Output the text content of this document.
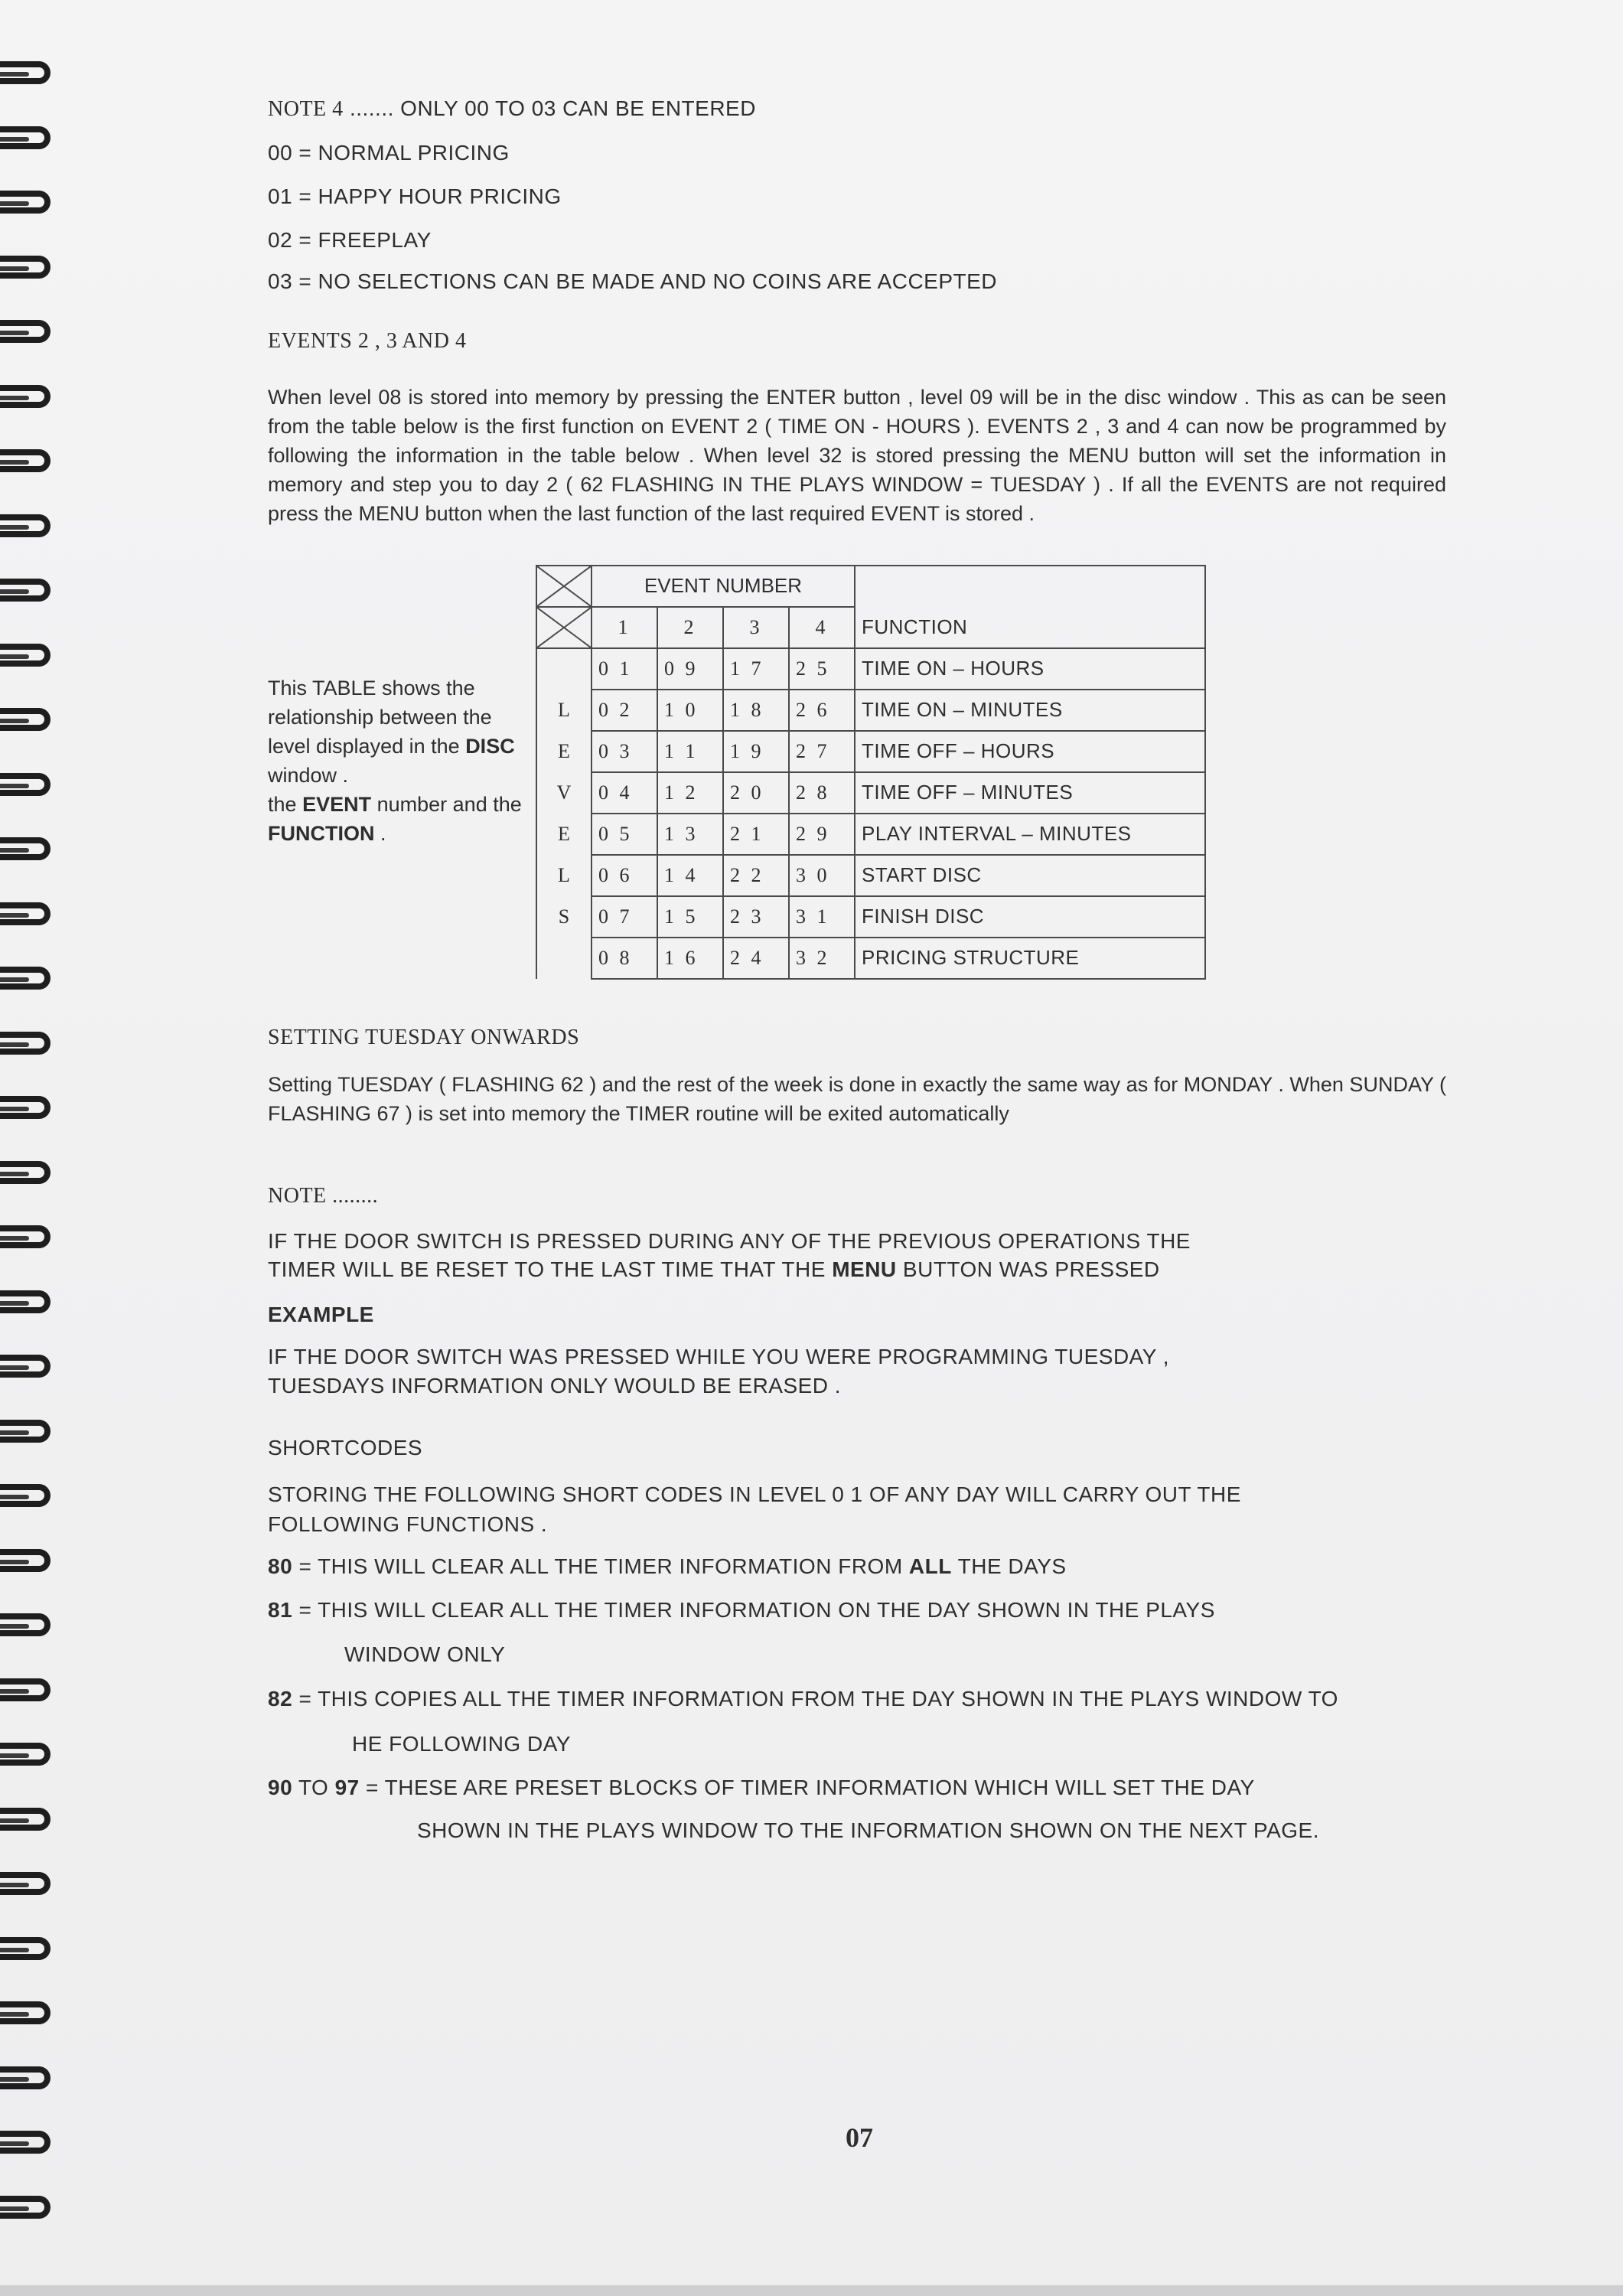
NOTE 4 ....... ONLY 00 TO 03 CAN BE ENTERED
00 = NORMAL PRICING
01 = HAPPY HOUR PRICING
02 = FREEPLAY
03 = NO SELECTIONS CAN BE MADE AND NO COINS ARE ACCEPTED
EVENTS 2 , 3 AND 4
When level 08 is stored into memory by pressing the ENTER button , level 09 will be in the disc window . This as can be seen from the table below is the first function on EVENT 2 ( TIME ON - HOURS ). EVENTS 2 , 3 and 4 can now be programmed by following the information in the table below . When level 32 is stored pressing the MENU button will set the information in memory and step you to day 2 ( 62 FLASHING IN THE PLAYS WINDOW = TUESDAY ) . If all the EVENTS are not required press the MENU button when the last function of the last required EVENT is stored .
This TABLE shows the relationship between the level displayed in the DISC window .
the EVENT number and the FUNCTION .
	EVENT NUMBER				

	1	2	3	4	FUNCTION
	0 1	0 9	1 7	2 5	TIME ON – HOURS
L	0 2	1 0	1 8	2 6	TIME ON – MINUTES
E	0 3	1 1	1 9	2 7	TIME OFF – HOURS
V	0 4	1 2	2 0	2 8	TIME OFF – MINUTES
E	0 5	1 3	2 1	2 9	PLAY INTERVAL – MINUTES
L	0 6	1 4	2 2	3 0	START DISC
S	0 7	1 5	2 3	3 1	FINISH DISC
	0 8	1 6	2 4	3 2	PRICING STRUCTURE
SETTING TUESDAY ONWARDS
Setting TUESDAY ( FLASHING 62 ) and the rest of the week is done in exactly the same way as for MONDAY . When SUNDAY ( FLASHING 67 ) is set into memory the TIMER routine will be exited automatically
NOTE ........
IF THE DOOR SWITCH IS PRESSED DURING ANY OF THE PREVIOUS OPERATIONS THE
TIMER WILL BE RESET TO THE LAST TIME THAT THE MENU BUTTON WAS PRESSED
EXAMPLE
IF THE DOOR SWITCH WAS PRESSED WHILE YOU WERE PROGRAMMING TUESDAY ,
TUESDAYS INFORMATION ONLY WOULD BE ERASED .
SHORTCODES
STORING THE FOLLOWING SHORT CODES IN LEVEL 0 1 OF ANY DAY WILL CARRY OUT THE
FOLLOWING FUNCTIONS .
80 = THIS WILL CLEAR ALL THE TIMER INFORMATION FROM ALL THE DAYS
81 = THIS WILL CLEAR ALL THE TIMER INFORMATION ON THE DAY SHOWN IN THE PLAYS
WINDOW ONLY
82 = THIS COPIES ALL THE TIMER INFORMATION FROM THE DAY SHOWN IN THE PLAYS WINDOW TO
HE FOLLOWING DAY
90 TO 97 = THESE ARE PRESET BLOCKS OF TIMER INFORMATION WHICH WILL SET THE DAY
SHOWN IN THE PLAYS WINDOW TO THE INFORMATION SHOWN ON THE NEXT PAGE.
07
